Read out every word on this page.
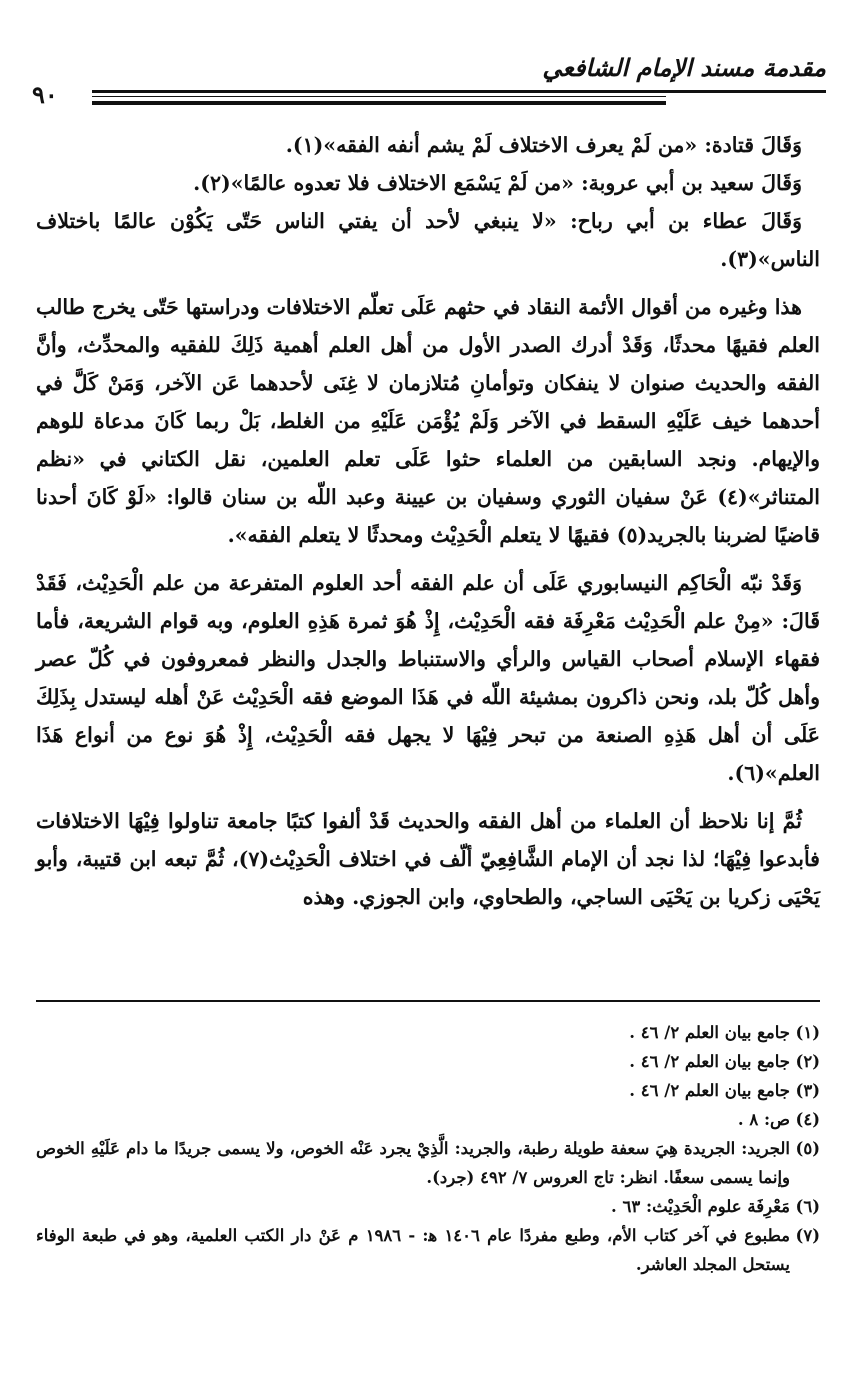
مقدمة مسند الإمام الشافعي
٩٠

وَقَالَ قتادة: «من لَمْ يعرف الاختلاف لَمْ يشم أنفه الفقه»(١).

وَقَالَ سعيد بن أبي عروبة: «من لَمْ يَسْمَع الاختلاف فلا تعدوه عالمًا»(٢).

وَقَالَ عطاء بن أبي رباح: «لا ينبغي لأحد أن يفتي الناس حَتّى يَكُوْن عالمًا باختلاف الناس»(٣).

هذا وغيره من أقوال الأئمة النقاد في حثهم عَلَى تعلّم الاختلافات ودراستها حَتّى يخرج طالب العلم فقيهًا محدثًا، وَقَدْ أدرك الصدر الأول من أهل العلم أهمية ذَلِكَ للفقيه والمحدِّث، وأنَّ الفقه والحديث صنوان لا ينفكان وتوأمانِ مُتلازمان لا غِنَى لأحدهما عَن الآخر، وَمَنْ كَلَّ في أحدهما خيف عَلَيْهِ السقط في الآخر وَلَمْ يُؤْمَن عَلَيْهِ من الغلط، بَلْ ربما كَانَ مدعاة للوهم والإيهام. ونجد السابقين من العلماء حثوا عَلَى تعلم العلمين، نقل الكتاني في «نظم المتناثر»(٤) عَنْ سفيان الثوري وسفيان بن عيينة وعبد اللّه بن سنان قالوا: «لَوْ كَانَ أحدنا قاضيًا لضربنا بالجريد(٥) فقيهًا لا يتعلم الْحَدِيْث ومحدثًا لا يتعلم الفقه».

وَقَدْ نبّه الْحَاكِم النيسابوري عَلَى أن علم الفقه أحد العلوم المتفرعة من علم الْحَدِيْث، فَقَدْ قَالَ: «مِنْ علم الْحَدِيْث مَعْرِفَة فقه الْحَدِيْث، إِذْ هُوَ ثمرة هَذِهِ العلوم، وبه قوام الشريعة، فأما فقهاء الإسلام أصحاب القياس والرأي والاستنباط والجدل والنظر فمعروفون في كُلّ عصر وأهل كُلّ بلد، ونحن ذاكرون بمشيئة اللّه في هَذَا الموضع فقه الْحَدِيْث عَنْ أهله ليستدل بِذَلِكَ عَلَى أن أهل هَذِهِ الصنعة من تبحر فِيْهَا لا يجهل فقه الْحَدِيْث، إِذْ هُوَ نوع من أنواع هَذَا العلم»(٦).

ثُمَّ إنا نلاحظ أن العلماء من أهل الفقه والحديث قَدْ ألفوا كتبًا جامعة تناولوا فِيْهَا الاختلافات فأبدعوا فِيْهَا؛ لذا نجد أن الإمام الشَّافِعِيّ ألّف في اختلاف الْحَدِيْث(٧)، ثُمَّ تبعه ابن قتيبة، وأبو يَحْيَى زكريا بن يَحْيَى الساجي، والطحاوي، وابن الجوزي. وهذه

(١)جامع بيان العلم ٢/ ٤٦ .

(٢)جامع بيان العلم ٢/ ٤٦ .

(٣)جامع بيان العلم ٢/ ٤٦ .

(٤)ص: ٨ .

(٥)الجريد: الجريدة هِيَ سعفة طويلة رطبة، والجريد: الَّذِيْ يجرد عَنْه الخوص، ولا يسمى جريدًا ما دام عَلَيْهِ الخوص وإنما يسمى سعفًا. انظر: تاج العروس ٧/ ٤٩٢ (جرد).

(٦)مَعْرِفَة علوم الْحَدِيْث: ٦٣ .

(٧)مطبوع في آخر كتاب الأم، وطبع مفردًا عام ١٤٠٦ ه‍: - ١٩٨٦ م عَنْ دار الكتب العلمية، وهو في طبعة الوفاء يستحل المجلد العاشر.
